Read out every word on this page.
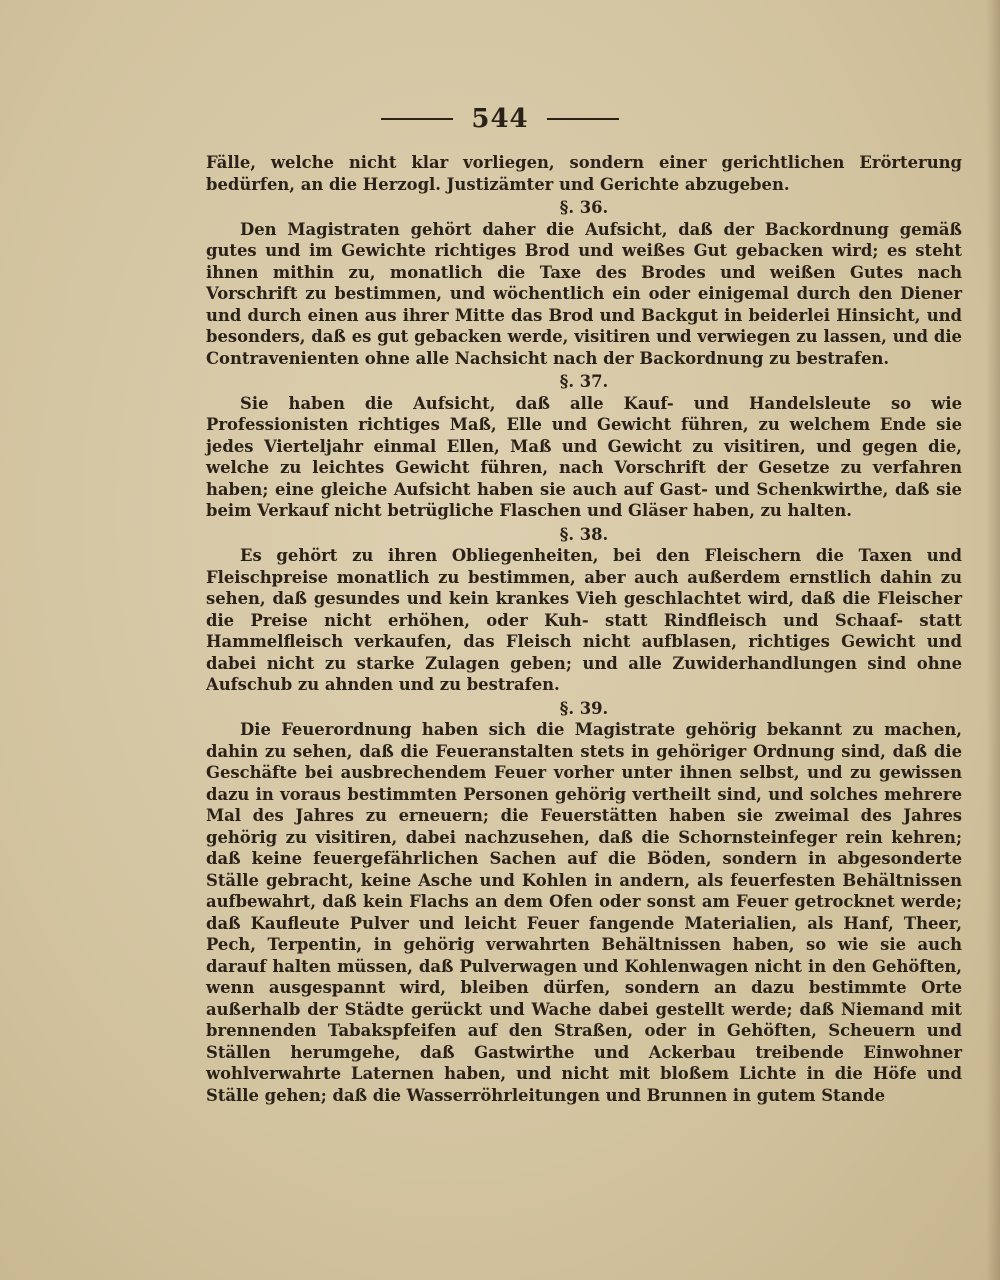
544

Fälle, welche nicht klar vorliegen, sondern einer gerichtlichen Erörterung bedürfen, an die Herzogl. Justizämter und Gerichte abzugeben.

§. 36.

Den Magistraten gehört daher die Aufsicht, daß der Backordnung gemäß gutes und im Gewichte richtiges Brod und weißes Gut gebacken wird; es steht ihnen mithin zu, monatlich die Taxe des Brodes und weißen Gutes nach Vorschrift zu bestimmen, und wöchentlich ein oder einigemal durch den Diener und durch einen aus ihrer Mitte das Brod und Backgut in beiderlei Hinsicht, und besonders, daß es gut gebacken werde, visitiren und verwiegen zu lassen, und die Contravenienten ohne alle Nachsicht nach der Backordnung zu bestrafen.

§. 37.

Sie haben die Aufsicht, daß alle Kauf- und Handelsleute so wie Professionisten richtiges Maß, Elle und Gewicht führen, zu welchem Ende sie jedes Vierteljahr einmal Ellen, Maß und Gewicht zu visitiren, und gegen die, welche zu leichtes Gewicht führen, nach Vorschrift der Gesetze zu verfahren haben; eine gleiche Aufsicht haben sie auch auf Gast- und Schenkwirthe, daß sie beim Verkauf nicht betrügliche Flaschen und Gläser haben, zu halten.

§. 38.

Es gehört zu ihren Obliegenheiten, bei den Fleischern die Taxen und Fleischpreise monatlich zu bestimmen, aber auch außerdem ernstlich dahin zu sehen, daß gesundes und kein krankes Vieh geschlachtet wird, daß die Fleischer die Preise nicht erhöhen, oder Kuh- statt Rindfleisch und Schaaf- statt Hammelfleisch verkaufen, das Fleisch nicht aufblasen, richtiges Gewicht und dabei nicht zu starke Zulagen geben; und alle Zuwiderhandlungen sind ohne Aufschub zu ahnden und zu bestrafen.

§. 39.

Die Feuerordnung haben sich die Magistrate gehörig bekannt zu machen, dahin zu sehen, daß die Feueranstalten stets in gehöriger Ordnung sind, daß die Geschäfte bei ausbrechendem Feuer vorher unter ihnen selbst, und zu gewissen dazu in voraus bestimmten Personen gehörig vertheilt sind, und solches mehrere Mal des Jahres zu erneuern; die Feuerstätten haben sie zweimal des Jahres gehörig zu visitiren, dabei nachzusehen, daß die Schornsteinfeger rein kehren; daß keine feuergefährlichen Sachen auf die Böden, sondern in abgesonderte Ställe gebracht, keine Asche und Kohlen in andern, als feuerfesten Behältnissen aufbewahrt, daß kein Flachs an dem Ofen oder sonst am Feuer getrocknet werde; daß Kaufleute Pulver und leicht Feuer fangende Materialien, als Hanf, Theer, Pech, Terpentin, in gehörig verwahrten Behältnissen haben, so wie sie auch darauf halten müssen, daß Pulverwagen und Kohlenwagen nicht in den Gehöften, wenn ausgespannt wird, bleiben dürfen, sondern an dazu bestimmte Orte außerhalb der Städte gerückt und Wache dabei gestellt werde; daß Niemand mit brennenden Tabakspfeifen auf den Straßen, oder in Gehöften, Scheuern und Ställen herumgehe, daß Gastwirthe und Ackerbau treibende Einwohner wohlverwahrte Laternen haben, und nicht mit bloßem Lichte in die Höfe und Ställe gehen; daß die Wasserröhrleitungen und Brunnen in gutem Stande
